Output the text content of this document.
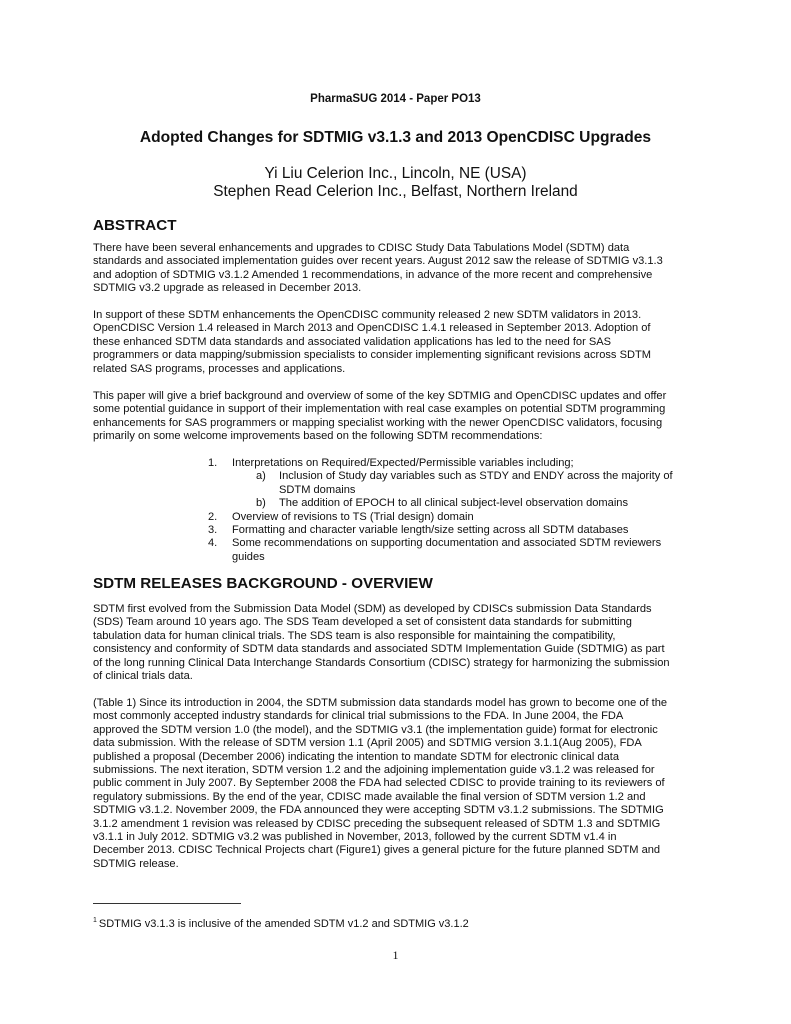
PharmaSUG 2014 - Paper PO13
Adopted Changes for SDTMIG v3.1.3 and 2013 OpenCDISC Upgrades
Yi Liu Celerion Inc., Lincoln, NE (USA)
Stephen Read Celerion Inc., Belfast, Northern Ireland
ABSTRACT

There have been several enhancements and upgrades to CDISC Study Data Tabulations Model (SDTM) data

standards and associated implementation guides over recent years. August 2012 saw the release of SDTMIG v3.1.3

and adoption of SDTMIG v3.1.2 Amended 1 recommendations, in advance of the more recent and comprehensive

SDTMIG v3.2 upgrade as released in December 2013.

In support of these SDTM enhancements the OpenCDISC community released 2 new SDTM validators in 2013.

OpenCDISC Version 1.4 released in March 2013 and OpenCDISC 1.4.1 released in September 2013. Adoption of

these enhanced SDTM data standards and associated validation applications has led to the need for SAS

programmers or data mapping/submission specialists to consider implementing significant revisions across SDTM

related SAS programs, processes and applications.

This paper will give a brief background and overview of some of the key SDTMIG and OpenCDISC updates and offer

some potential guidance in support of their implementation with real case examples on potential SDTM programming

enhancements for SAS programmers or mapping specialist working with the newer OpenCDISC validators, focusing

primarily on some welcome improvements based on the following SDTM recommendations:

1. Interpretations on Required/Expected/Permissible variables including;
a) Inclusion of Study day variables such as STDY and ENDY across the majority of
SDTM domains
b) The addition of EPOCH to all clinical subject-level observation domains
2. Overview of revisions to TS (Trial design) domain
3. Formatting and character variable length/size setting across all SDTM databases
4. Some recommendations on supporting documentation and associated SDTM reviewers
guides
SDTM RELEASES BACKGROUND - OVERVIEW

SDTM first evolved from the Submission Data Model (SDM) as developed by CDISCs submission Data Standards

(SDS) Team around 10 years ago. The SDS Team developed a set of consistent data standards for submitting

tabulation data for human clinical trials. The SDS team is also responsible for maintaining the compatibility,

consistency and conformity of SDTM data standards and associated SDTM Implementation Guide (SDTMIG) as part

of the long running Clinical Data Interchange Standards Consortium (CDISC) strategy for harmonizing the submission

of clinical trials data.

(Table 1) Since its introduction in 2004, the SDTM submission data standards model has grown to become one of the

most commonly accepted industry standards for clinical trial submissions to the FDA. In June 2004, the FDA

approved the SDTM version 1.0 (the model), and the SDTMIG v3.1 (the implementation guide) format for electronic

data submission. With the release of SDTM version 1.1 (April 2005) and SDTMIG version 3.1.1(Aug 2005), FDA

published a proposal (December 2006) indicating the intention to mandate SDTM for electronic clinical data

submissions. The next iteration, SDTM version 1.2 and the adjoining implementation guide v3.1.2 was released for

public comment in July 2007. By September 2008 the FDA had selected CDISC to provide training to its reviewers of

regulatory submissions. By the end of the year, CDISC made available the final version of SDTM version 1.2 and

SDTMIG v3.1.2. November 2009, the FDA announced they were accepting SDTM v3.1.2 submissions. The SDTMIG

3.1.2 amendment 1 revision was released by CDISC preceding the subsequent released of SDTM 1.3 and SDTMIG

v3.1.1 in July 2012. SDTMIG v3.2 was published in November, 2013, followed by the current SDTM v1.4 in

December 2013. CDISC Technical Projects chart (Figure1) gives a general picture for the future planned SDTM and

SDTMIG release.

$^1$ SDTMIG v3.1.3 is inclusive of the amended SDTM v1.2 and SDTMIG v3.1.2
1
